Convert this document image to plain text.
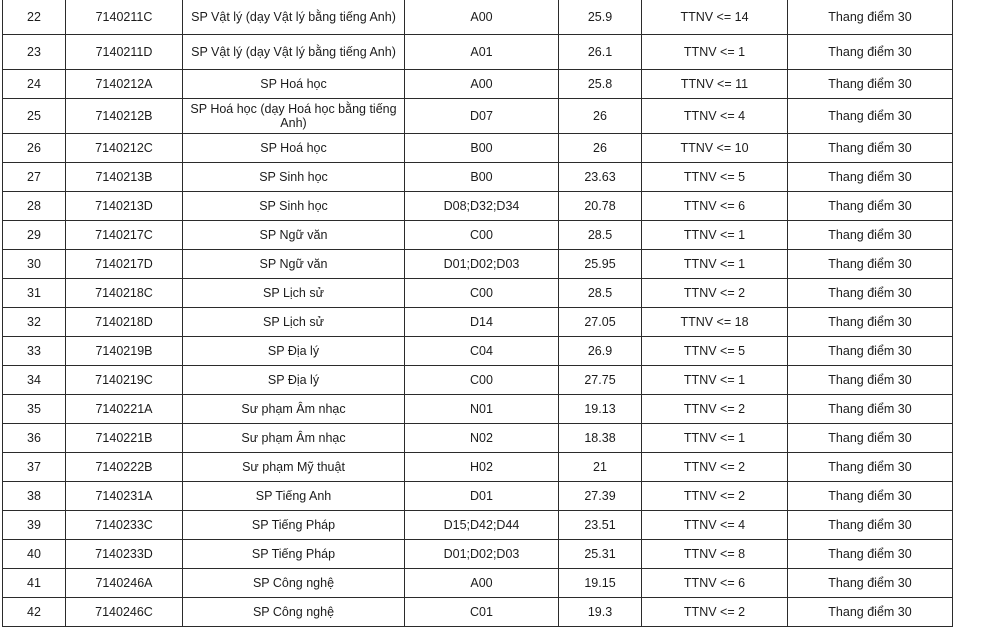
22	7140211C	SP Vật lý (dạy Vật lý bằng tiếng Anh)	A00	25.9	TTNV <= 14	Thang điểm 30
23	7140211D	SP Vật lý (dạy Vật lý bằng tiếng Anh)	A01	26.1	TTNV <= 1	Thang điểm 30
24	7140212A	SP Hoá học	A00	25.8	TTNV <= 11	Thang điểm 30
25	7140212B	SP Hoá học (dạy Hoá học bằng tiếng Anh)	D07	26	TTNV <= 4	Thang điểm 30
26	7140212C	SP Hoá học	B00	26	TTNV <= 10	Thang điểm 30
27	7140213B	SP Sinh học	B00	23.63	TTNV <= 5	Thang điểm 30
28	7140213D	SP Sinh học	D08;D32;D34	20.78	TTNV <= 6	Thang điểm 30
29	7140217C	SP Ngữ văn	C00	28.5	TTNV <= 1	Thang điểm 30
30	7140217D	SP Ngữ văn	D01;D02;D03	25.95	TTNV <= 1	Thang điểm 30
31	7140218C	SP Lịch sử	C00	28.5	TTNV <= 2	Thang điểm 30
32	7140218D	SP Lịch sử	D14	27.05	TTNV <= 18	Thang điểm 30
33	7140219B	SP Địa lý	C04	26.9	TTNV <= 5	Thang điểm 30
34	7140219C	SP Địa lý	C00	27.75	TTNV <= 1	Thang điểm 30
35	7140221A	Sư phạm Âm nhạc	N01	19.13	TTNV <= 2	Thang điểm 30
36	7140221B	Sư phạm Âm nhạc	N02	18.38	TTNV <= 1	Thang điểm 30
37	7140222B	Sư phạm Mỹ thuật	H02	21	TTNV <= 2	Thang điểm 30
38	7140231A	SP Tiếng Anh	D01	27.39	TTNV <= 2	Thang điểm 30
39	7140233C	SP Tiếng Pháp	D15;D42;D44	23.51	TTNV <= 4	Thang điểm 30
40	7140233D	SP Tiếng Pháp	D01;D02;D03	25.31	TTNV <= 8	Thang điểm 30
41	7140246A	SP Công nghệ	A00	19.15	TTNV <= 6	Thang điểm 30
42	7140246C	SP Công nghệ	C01	19.3	TTNV <= 2	Thang điểm 30
